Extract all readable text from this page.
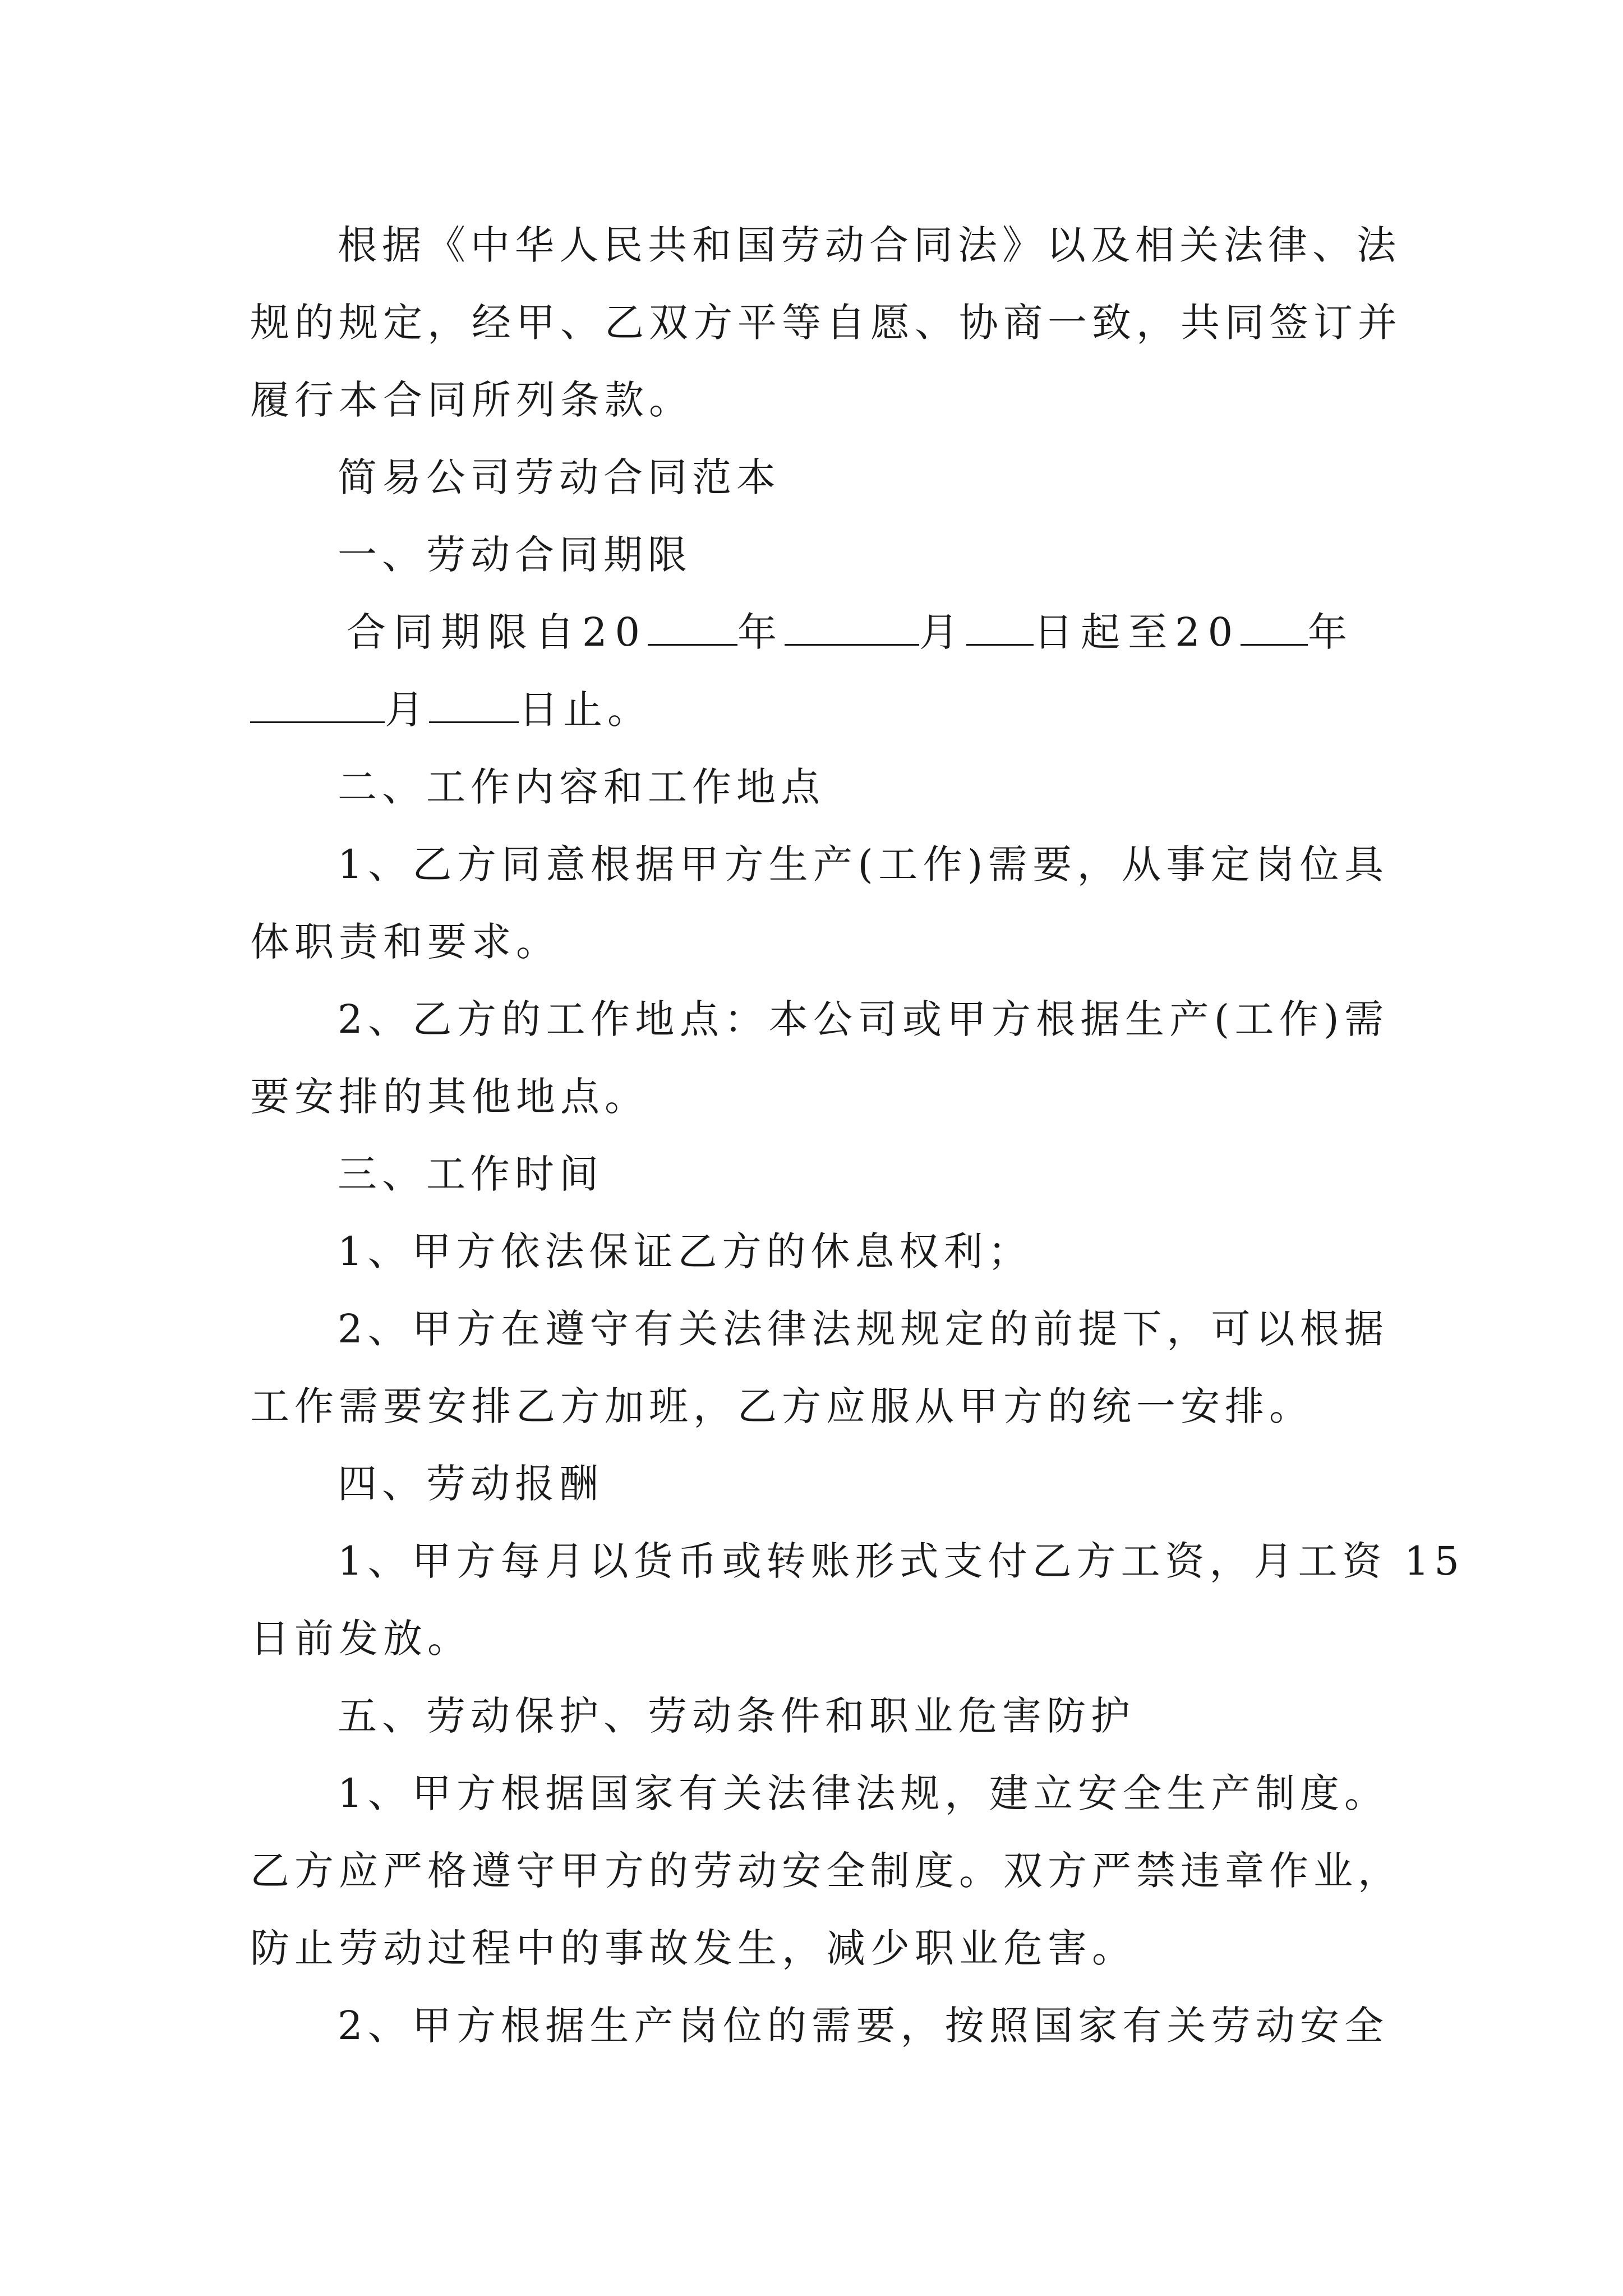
根据《中华人民共和国劳动合同法》以及相关法律、法

规的规定，经甲、乙双方平等自愿、协商一致，共同签订并

履行本合同所列条款。

简易公司劳动合同范本

一、劳动合同期限

合同期限自20 年	月 日起至20 年

月 日止。

二、工作内容和工作地点

1、乙方同意根据甲方生产(工作)需要，从事定岗位具

体职责和要求。

2、乙方的工作地点：本公司或甲方根据生产(工作)需

要安排的其他地点。

三、工作时间

1、甲方依法保证乙方的休息权利；

2、甲方在遵守有关法律法规规定的前提下，可以根据

工作需要安排乙方加班，乙方应服从甲方的统一安排。

四、劳动报酬

1、甲方每月以货币或转账形式支付乙方工资，月工资 15

日前发放。

五、劳动保护、劳动条件和职业危害防护

1、甲方根据国家有关法律法规，建立安全生产制度。

乙方应严格遵守甲方的劳动安全制度。双方严禁违章作业，

防止劳动过程中的事故发生，减少职业危害。

2、甲方根据生产岗位的需要，按照国家有关劳动安全
